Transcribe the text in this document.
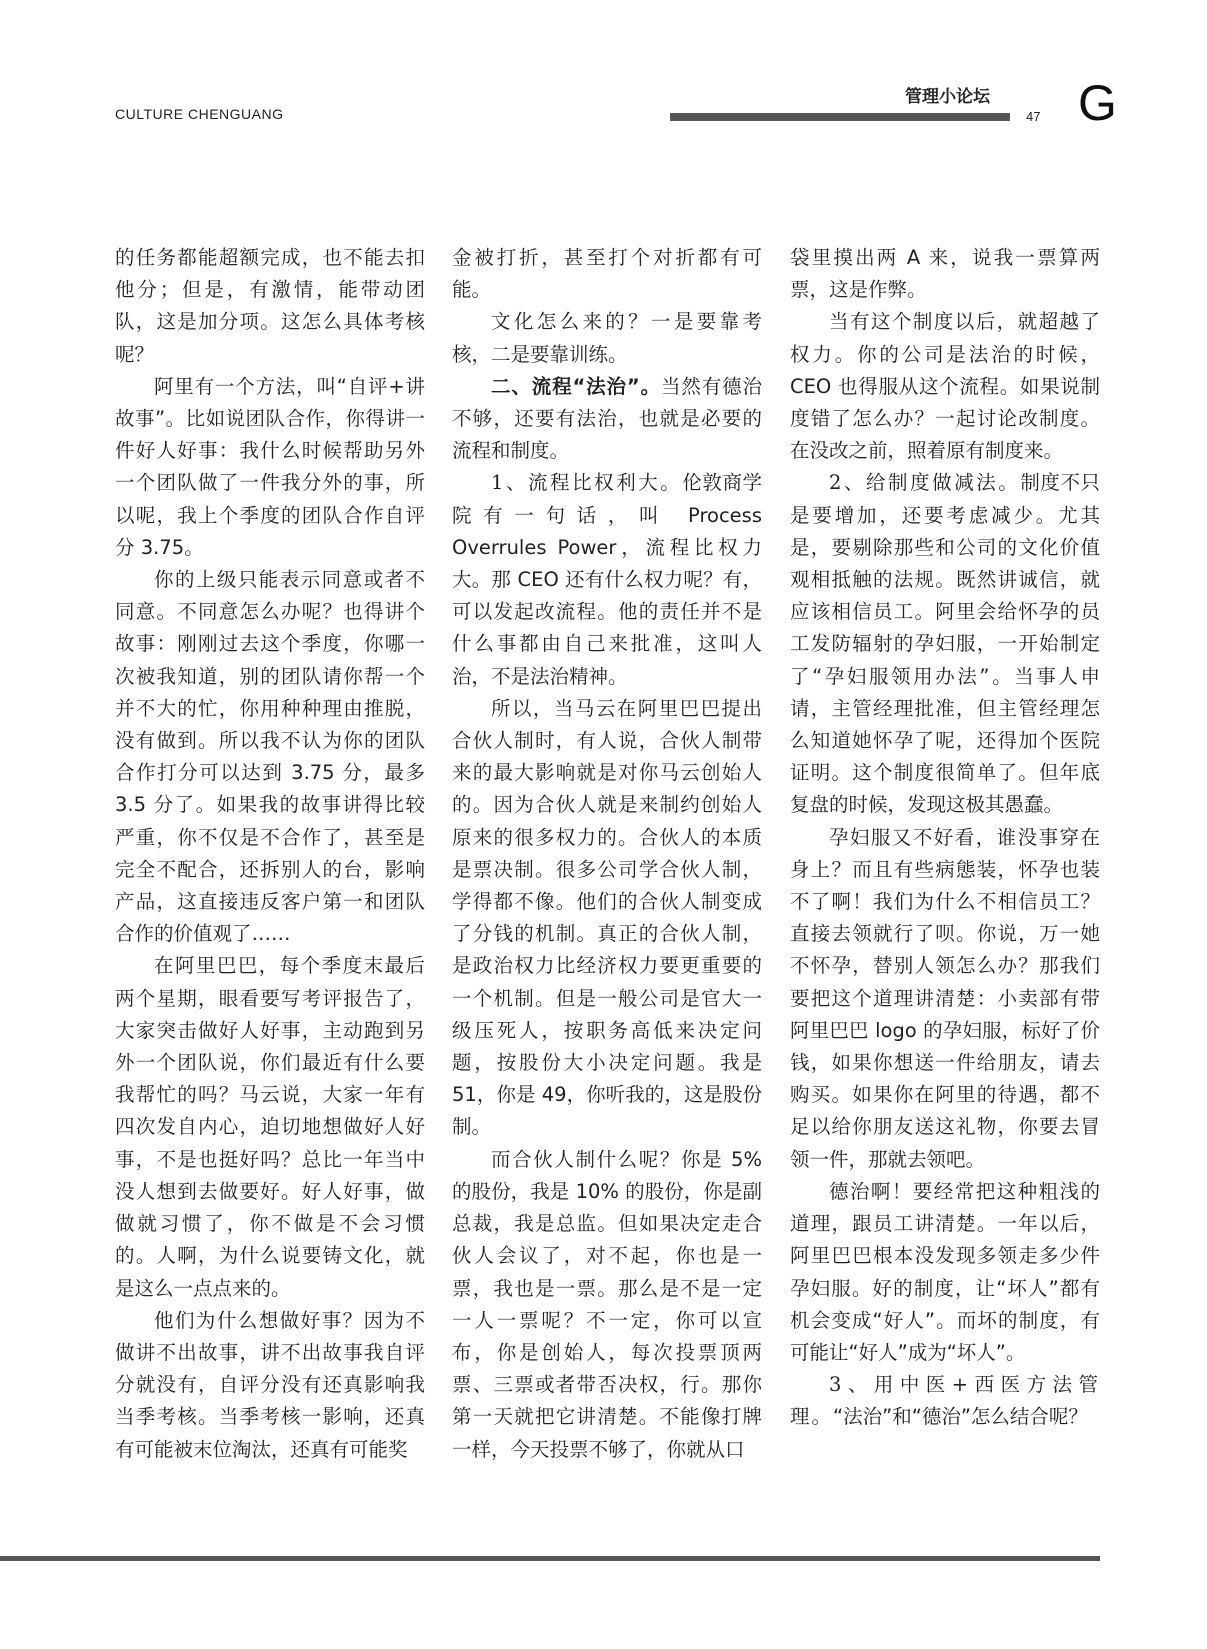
CULTURE CHENGUANG
管理小论坛
47 G

的任务都能超额完成，也不能去扣他分；但是，有激情，能带动团队，这是加分项。这怎么具体考核呢？

阿里有一个方法，叫“自评+讲故事”。比如说团队合作，你得讲一件好人好事：我什么时候帮助另外一个团队做了一件我分外的事，所以呢，我上个季度的团队合作自评分 3.75。

你的上级只能表示同意或者不同意。不同意怎么办呢？也得讲个故事：刚刚过去这个季度，你哪一次被我知道，别的团队请你帮一个并不大的忙，你用种种理由推脱，没有做到。所以我不认为你的团队合作打分可以达到 3.75 分，最多 3.5 分了。如果我的故事讲得比较严重，你不仅是不合作了，甚至是完全不配合，还拆别人的台，影响产品，这直接违反客户第一和团队合作的价值观了……

在阿里巴巴，每个季度末最后两个星期，眼看要写考评报告了，大家突击做好人好事，主动跑到另外一个团队说，你们最近有什么要我帮忙的吗？马云说，大家一年有四次发自内心，迫切地想做好人好事，不是也挺好吗？总比一年当中没人想到去做要好。好人好事，做做就习惯了，你不做是不会习惯的。人啊，为什么说要铸文化，就是这么一点点来的。

他们为什么想做好事？因为不做讲不出故事，讲不出故事我自评分就没有，自评分没有还真影响我当季考核。当季考核一影响，还真有可能被末位淘汰，还真有可能奖

金被打折，甚至打个对折都有可能。

文化怎么来的？一是要靠考核，二是要靠训练。

二、流程“法治”。当然有德治不够，还要有法治，也就是必要的流程和制度。

1、流程比权利大。伦敦商学院有一句话，叫 Process Overrules Power，流程比权力大。那 CEO 还有什么权力呢？有，可以发起改流程。他的责任并不是什么事都由自己来批准，这叫人治，不是法治精神。

所以，当马云在阿里巴巴提出合伙人制时，有人说，合伙人制带来的最大影响就是对你马云创始人的。因为合伙人就是来制约创始人原来的很多权力的。合伙人的本质是票决制。很多公司学合伙人制，学得都不像。他们的合伙人制变成了分钱的机制。真正的合伙人制，是政治权力比经济权力要更重要的一个机制。但是一般公司是官大一级压死人，按职务高低来决定问题，按股份大小决定问题。我是 51，你是 49，你听我的，这是股份制。

而合伙人制什么呢？你是 5% 的股份，我是 10% 的股份，你是副总裁，我是总监。但如果决定走合伙人会议了，对不起，你也是一票，我也是一票。那么是不是一定一人一票呢？不一定，你可以宣布，你是创始人，每次投票顶两票、三票或者带否决权，行。那你第一天就把它讲清楚。不能像打牌一样，今天投票不够了，你就从口

袋里摸出两 A 来，说我一票算两票，这是作弊。

当有这个制度以后，就超越了权力。你的公司是法治的时候，CEO 也得服从这个流程。如果说制度错了怎么办？一起讨论改制度。在没改之前，照着原有制度来。

2、给制度做减法。制度不只是要增加，还要考虑减少。尤其是，要剔除那些和公司的文化价值观相抵触的法规。既然讲诚信，就应该相信员工。阿里会给怀孕的员工发防辐射的孕妇服，一开始制定了“孕妇服领用办法”。当事人申请，主管经理批准，但主管经理怎么知道她怀孕了呢，还得加个医院证明。这个制度很简单了。但年底复盘的时候，发现这极其愚蠢。

孕妇服又不好看，谁没事穿在身上？而且有些病態装，怀孕也装不了啊！我们为什么不相信员工？直接去领就行了呗。你说，万一她不怀孕，替别人领怎么办？那我们要把这个道理讲清楚：小卖部有带阿里巴巴 logo 的孕妇服，标好了价钱，如果你想送一件给朋友，请去购买。如果你在阿里的待遇，都不足以给你朋友送这礼物，你要去冒领一件，那就去领吧。

德治啊！要经常把这种粗浅的道理，跟员工讲清楚。一年以后，阿里巴巴根本没发现多领走多少件孕妇服。好的制度，让“坏人”都有机会变成“好人”。而坏的制度，有可能让“好人”成为“坏人”。

3、用中医+西医方法管理。“法治”和“德治”怎么结合呢？
